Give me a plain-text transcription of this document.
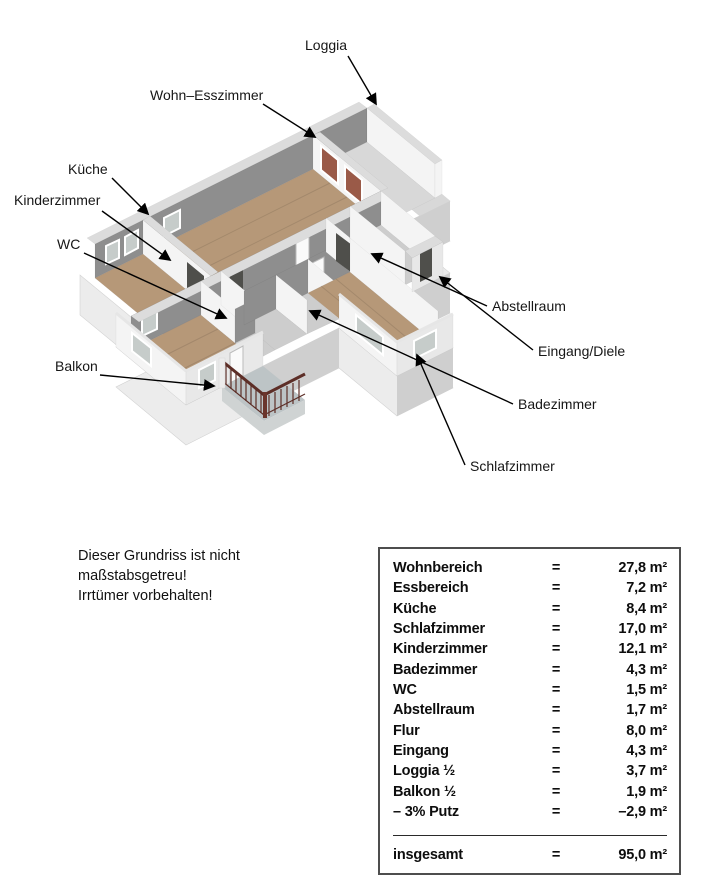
Loggia
Wohn–Esszimmer
Küche
Kinderzimmer
WC
Balkon
Abstellraum
Eingang/Diele
Badezimmer
Schlafzimmer
Dieser Grundriss ist nicht
maßstabsgetreu!
Irrtümer vorbehalten!
Wohnbereich	=	27,8 m²
Essbereich	=	7,2 m²
Küche	=	8,4 m²
Schlafzimmer	=	17,0 m²
Kinderzimmer	=	12,1 m²
Badezimmer	=	4,3 m²
WC	=	1,5 m²
Abstellraum	=	1,7 m²
Flur	=	8,0 m²
Eingang	=	4,3 m²
Loggia ½	=	3,7 m²
Balkon ½	=	1,9 m²
– 3% Putz	=	–2,9 m²
insgesamt	=	95,0 m²
